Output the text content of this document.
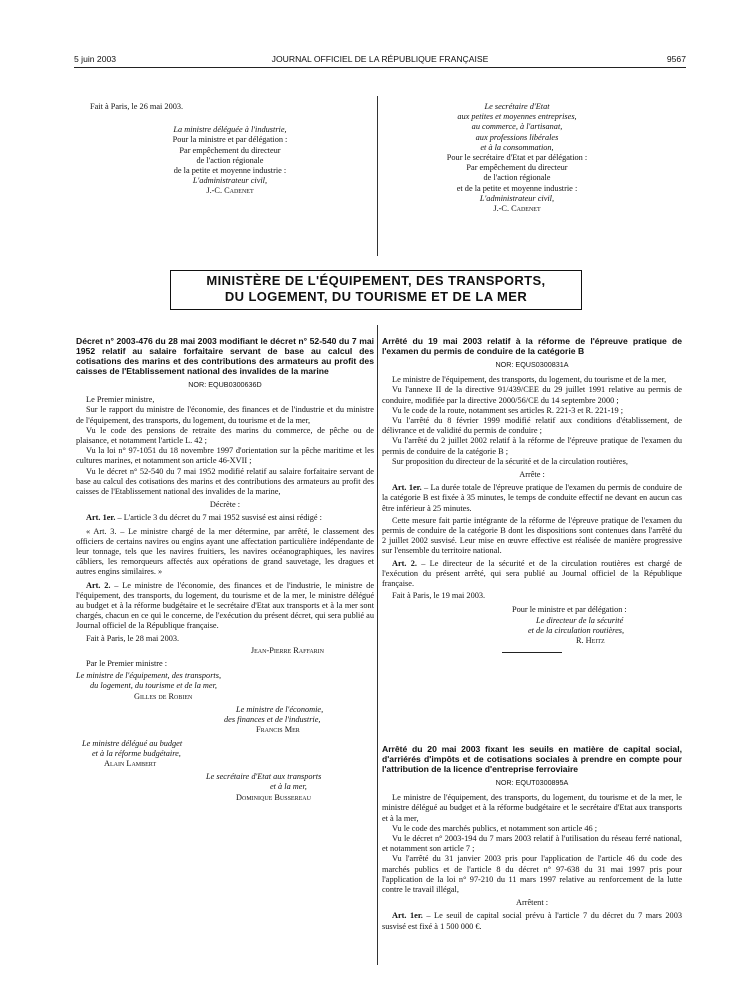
5 juin 2003	JOURNAL OFFICIEL DE LA RÉPUBLIQUE FRANÇAISE	9567
Fait à Paris, le 26 mai 2003.
La ministre déléguée à l'industrie,
Pour la ministre et par délégation :
Par empêchement du directeur
de l'action régionale
de la petite et moyenne industrie :
L'administrateur civil,
J.-C. Cadenet
Le secrétaire d'Etat
aux petites et moyennes entreprises,
au commerce, à l'artisanat,
aux professions libérales
et à la consommation,
Pour le secrétaire d'Etat et par délégation :
Par empêchement du directeur
de l'action régionale
et de la petite et moyenne industrie :
L'administrateur civil,
J.-C. Cadenet
MINISTÈRE DE L'ÉQUIPEMENT, DES TRANSPORTS,
DU LOGEMENT, DU TOURISME ET DE LA MER
Décret n° 2003-476 du 28 mai 2003 modifiant le décret n° 52-540 du 7 mai 1952 relatif au salaire forfaitaire servant de base au calcul des cotisations des marins et des contributions des armateurs au profit des caisses de l'Etablissement national des invalides de la marine
NOR: EQUB0300636D

Le Premier ministre,

Sur le rapport du ministre de l'économie, des finances et de l'industrie et du ministre de l'équipement, des transports, du logement, du tourisme et de la mer,

Vu le code des pensions de retraite des marins du commerce, de pêche ou de plaisance, et notamment l'article L. 42 ;

Vu la loi n° 97-1051 du 18 novembre 1997 d'orientation sur la pêche maritime et les cultures marines, et notamment son article 46-XVII ;

Vu le décret n° 52-540 du 7 mai 1952 modifié relatif au salaire forfaitaire servant de base au calcul des cotisations des marins et des contributions des armateurs au profit des caisses de l'Etablissement national des invalides de la marine,

Décrète :

Art. 1er. – L'article 3 du décret du 7 mai 1952 susvisé est ainsi rédigé :

« Art. 3. – Le ministre chargé de la mer détermine, par arrêté, le classement des officiers de certains navires ou engins ayant une affectation particulière indépendante de leur tonnage, tels que les navires fruitiers, les navires océanographiques, les navires câbliers, les remorqueurs affectés aux opérations de grand sauvetage, les dragues et autres engins similaires. »

Art. 2. – Le ministre de l'économie, des finances et de l'industrie, le ministre de l'équipement, des transports, du logement, du tourisme et de la mer, le ministre délégué au budget et à la réforme budgétaire et le secrétaire d'Etat aux transports et à la mer sont chargés, chacun en ce qui le concerne, de l'exécution du présent décret, qui sera publié au Journal officiel de la République française.

Fait à Paris, le 28 mai 2003.

Jean-Pierre Raffarin
Par le Premier ministre :
Le ministre de l'équipement, des transports,
du logement, du tourisme et de la mer,
Gilles de Robien
Le ministre de l'économie,
des finances et de l'industrie,
Francis Mer
Le ministre délégué au budget
et à la réforme budgétaire,
Alain Lambert
Le secrétaire d'Etat aux transports
et à la mer,
Dominique Bussereau
Arrêté du 19 mai 2003 relatif à la réforme de l'épreuve pratique de l'examen du permis de conduire de la catégorie B
NOR: EQUS0300831A

Le ministre de l'équipement, des transports, du logement, du tourisme et de la mer,

Vu l'annexe II de la directive 91/439/CEE du 29 juillet 1991 relative au permis de conduire, modifiée par la directive 2000/56/CE du 14 septembre 2000 ;

Vu le code de la route, notamment ses articles R. 221-3 et R. 221-19 ;

Vu l'arrêté du 8 février 1999 modifié relatif aux conditions d'établissement, de délivrance et de validité du permis de conduire ;

Vu l'arrêté du 2 juillet 2002 relatif à la réforme de l'épreuve pratique de l'examen du permis de conduire de la catégorie B ;

Sur proposition du directeur de la sécurité et de la circulation routières,

Arrête :

Art. 1er. – La durée totale de l'épreuve pratique de l'examen du permis de conduire de la catégorie B est fixée à 35 minutes, le temps de conduite effectif ne devant en aucun cas être inférieur à 25 minutes.

Cette mesure fait partie intégrante de la réforme de l'épreuve pratique de l'examen du permis de conduire de la catégorie B dont les dispositions sont contenues dans l'arrêté du 2 juillet 2002 susvisé. Leur mise en œuvre effective est réalisée de manière progressive sur l'ensemble du territoire national.

Art. 2. – Le directeur de la sécurité et de la circulation routières est chargé de l'exécution du présent arrêté, qui sera publié au Journal officiel de la République française.

Fait à Paris, le 19 mai 2003.

Pour le ministre et par délégation :
Le directeur de la sécurité
et de la circulation routières,
R. Heitz
Arrêté du 20 mai 2003 fixant les seuils en matière de capital social, d'arriérés d'impôts et de cotisations sociales à prendre en compte pour l'attribution de la licence d'entreprise ferroviaire
NOR: EQUT0300895A

Le ministre de l'équipement, des transports, du logement, du tourisme et de la mer, le ministre délégué au budget et à la réforme budgétaire et le secrétaire d'Etat aux transports et à la mer,

Vu le code des marchés publics, et notamment son article 46 ;

Vu le décret n° 2003-194 du 7 mars 2003 relatif à l'utilisation du réseau ferré national, et notamment son article 7 ;

Vu l'arrêté du 31 janvier 2003 pris pour l'application de l'article 46 du code des marchés publics et de l'article 8 du décret n° 97-638 du 31 mai 1997 pris pour l'application de la loi n° 97-210 du 11 mars 1997 relative au renforcement de la lutte contre le travail illégal,

Arrêtent :

Art. 1er. – Le seuil de capital social prévu à l'article 7 du décret du 7 mars 2003 susvisé est fixé à 1 500 000 €.
